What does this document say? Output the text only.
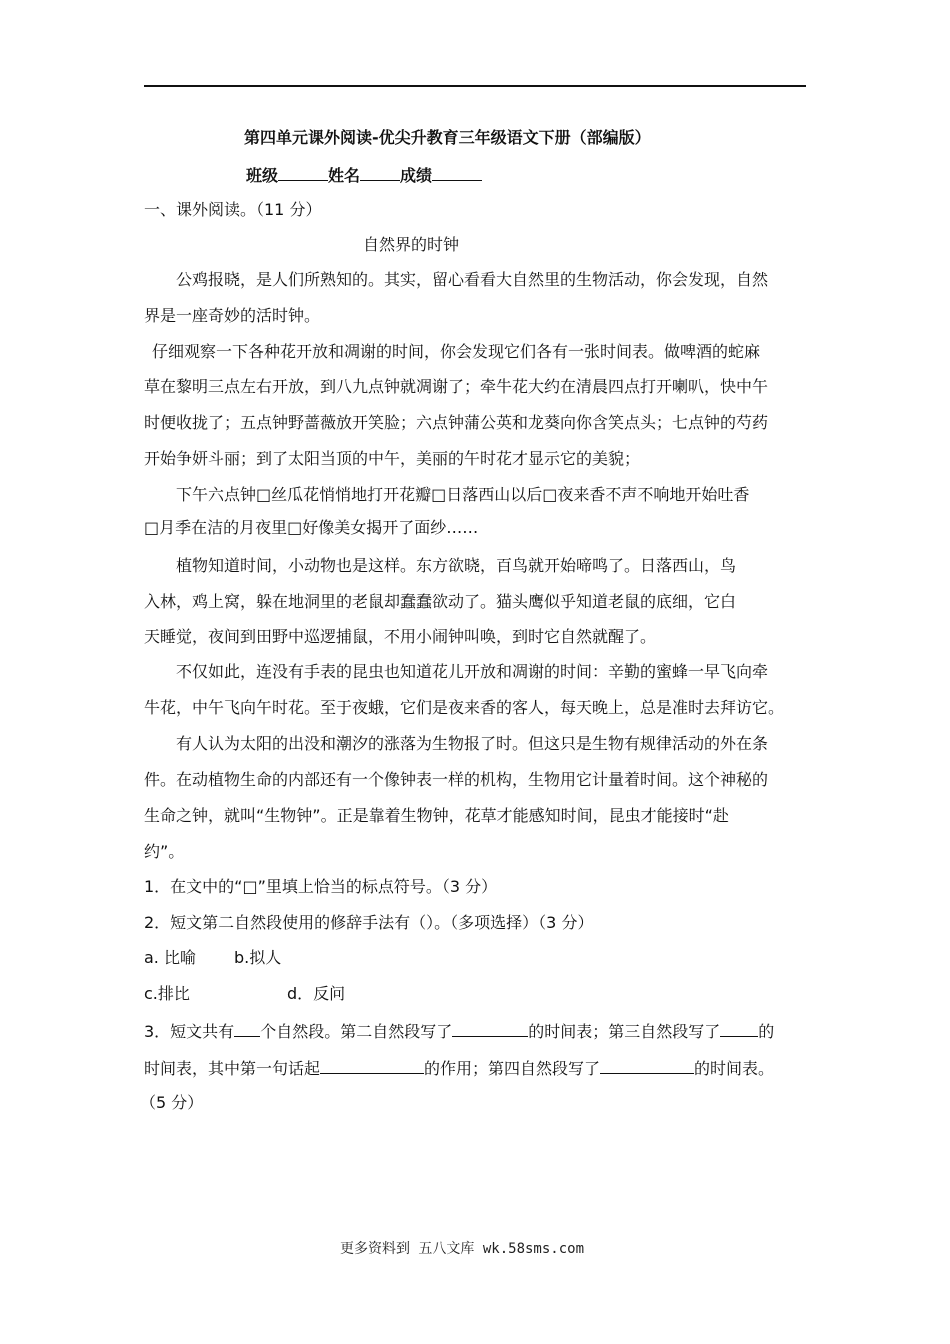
第四单元课外阅读-优尖升教育三年级语文下册（部编版）
班级	姓名	成绩
一、课外阅读。（11 分）
自然界的时钟
公鸡报晓，是人们所熟知的。其实，留心看看大自然里的生物活动，你会发现，自然
界是一座奇妙的活时钟。
仔细观察一下各种花开放和凋谢的时间，你会发现它们各有一张时间表。做啤酒的蛇麻
草在黎明三点左右开放，到八九点钟就凋谢了；牵牛花大约在清晨四点打开喇叭，快中午
时便收拢了；五点钟野蔷薇放开笑脸；六点钟蒲公英和龙葵向你含笑点头；七点钟的芍药
开始争妍斗丽；到了太阳当顶的中午，美丽的午时花才显示它的美貌；
下午六点钟□丝瓜花悄悄地打开花瓣□日落西山以后□夜来香不声不响地开始吐香
□月季在洁的月夜里□好像美女揭开了面纱……
植物知道时间，小动物也是这样。东方欲晓，百鸟就开始啼鸣了。日落西山，鸟
入林，鸡上窝，躲在地洞里的老鼠却蠢蠢欲动了。猫头鹰似乎知道老鼠的底细，它白
天睡觉，夜间到田野中巡逻捕鼠，不用小闹钟叫唤，到时它自然就醒了。
不仅如此，连没有手表的昆虫也知道花儿开放和凋谢的时间：辛勤的蜜蜂一早飞向牵
牛花，中午飞向午时花。至于夜蛾，它们是夜来香的客人，每天晚上，总是准时去拜访它。
有人认为太阳的出没和潮汐的涨落为生物报了时。但这只是生物有规律活动的外在条
件。在动植物生命的内部还有一个像钟表一样的机构，生物用它计量着时间。这个神秘的
生命之钟，就叫“生物钟”。正是靠着生物钟，花草才能感知时间，昆虫才能接时“赴
约”。
1．在文中的“□”里填上恰当的标点符号。（3 分）
2．短文第二自然段使用的修辞手法有（）。（多项选择）（3 分）
a. 比喻 b.拟人
c.排比	d．反问
3．短文共有 个自然段。第二自然段写了	的时间表；第三自然段写了 的
时间表，其中第一句话起	的作用；第四自然段写了	的时间表。
（5 分）
更多资料到 五八文库 wk.58sms.com
